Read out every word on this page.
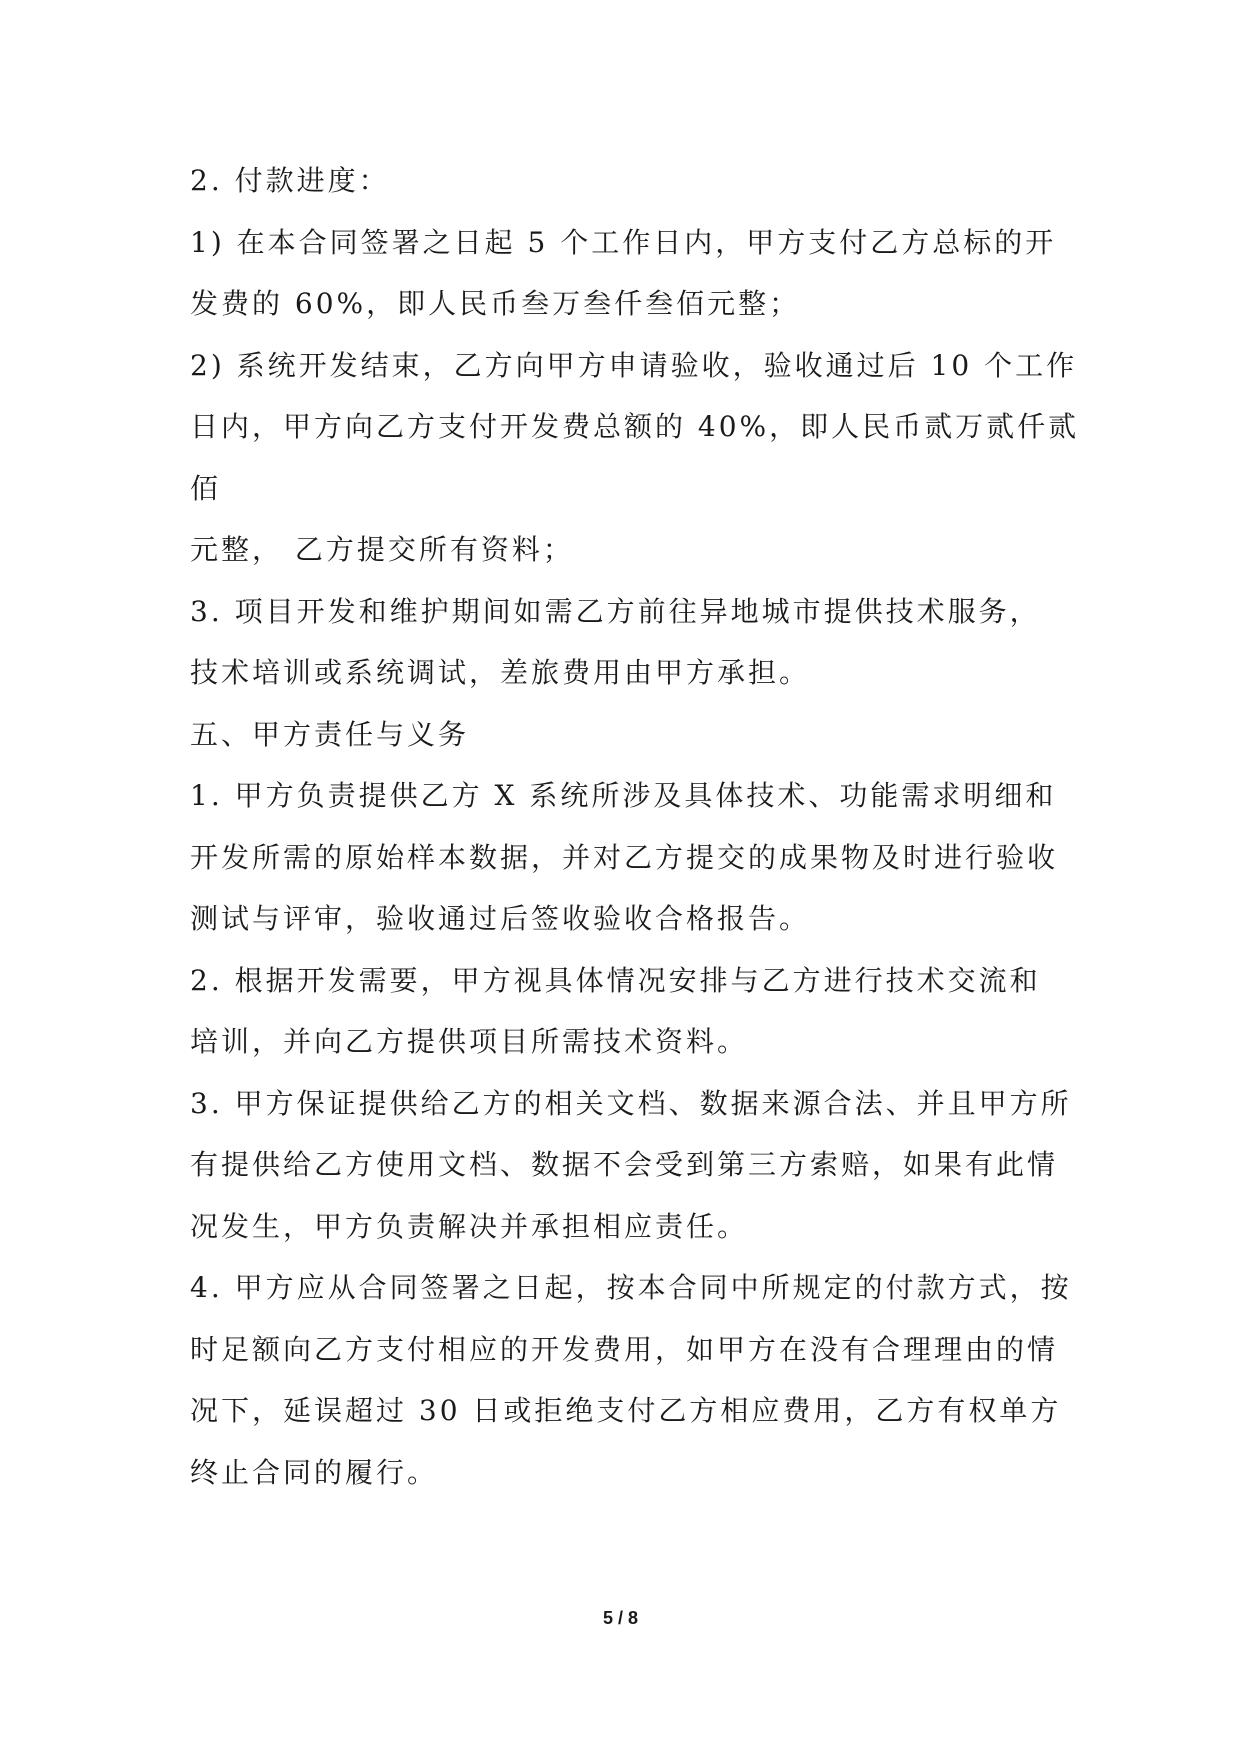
2. 付款进度：
1) 在本合同签署之日起 5 个工作日内，甲方支付乙方总标的开
发费的 60%，即人民币叁万叁仟叁佰元整；
2) 系统开发结束，乙方向甲方申请验收，验收通过后 10 个工作
日内，甲方向乙方支付开发费总额的 40%，即人民币贰万贰仟贰
佰
元整， 乙方提交所有资料；
3. 项目开发和维护期间如需乙方前往异地城市提供技术服务，
技术培训或系统调试，差旅费用由甲方承担。
五、甲方责任与义务
1. 甲方负责提供乙方 X 系统所涉及具体技术、功能需求明细和
开发所需的原始样本数据，并对乙方提交的成果物及时进行验收
测试与评审，验收通过后签收验收合格报告。
2. 根据开发需要，甲方视具体情况安排与乙方进行技术交流和
培训，并向乙方提供项目所需技术资料。
3. 甲方保证提供给乙方的相关文档、数据来源合法、并且甲方所
有提供给乙方使用文档、数据不会受到第三方索赔，如果有此情
况发生，甲方负责解决并承担相应责任。
4. 甲方应从合同签署之日起，按本合同中所规定的付款方式，按
时足额向乙方支付相应的开发费用，如甲方在没有合理理由的情
况下，延误超过 30 日或拒绝支付乙方相应费用，乙方有权单方
终止合同的履行。
5 / 8
